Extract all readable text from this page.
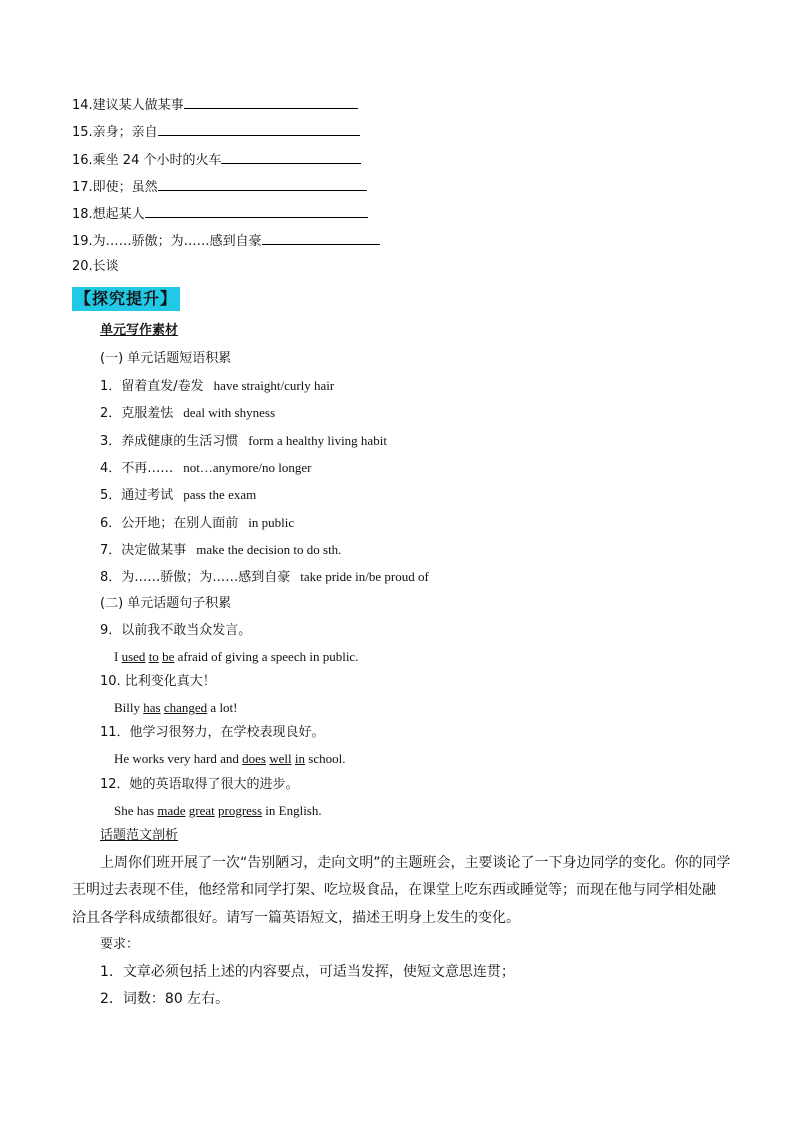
14.建议某人做某事
15.亲身；亲自
16.乘坐 24 个小时的火车
17.即使；虽然
18.想起某人
19.为……骄傲；为……感到自豪
20.长谈
【探究提升】
单元写作素材
(一) 单元话题短语积累
1．留着直发/卷发 have straight/curly hair
2．克服羞怯 deal with shyness
3．养成健康的生活习惯 form a healthy living habit
4．不再…… not…anymore/no longer
5．通过考试 pass the exam
6．公开地；在别人面前 in public
7．决定做某事 make the decision to do sth.
8．为……骄傲；为……感到自豪 take pride in/be proud of
(二) 单元话题句子积累
9．以前我不敢当众发言。
I used to be afraid of giving a speech in public.
10. 比利变化真大！
Billy has changed a lot!
11．他学习很努力，在学校表现良好。
He works very hard and does well in school.
12．她的英语取得了很大的进步。
She has made great progress in English.
话题范文剖析
上周你们班开展了一次“告别陋习，走向文明”的主题班会，主要谈论了一下身边同学的变化。你的同学
王明过去表现不佳，他经常和同学打架、吃垃圾食品，在课堂上吃东西或睡觉等；而现在他与同学相处融
洽且各学科成绩都很好。请写一篇英语短文，描述王明身上发生的变化。
要求：
1．文章必须包括上述的内容要点，可适当发挥，使短文意思连贯；
2．词数：80 左右。
